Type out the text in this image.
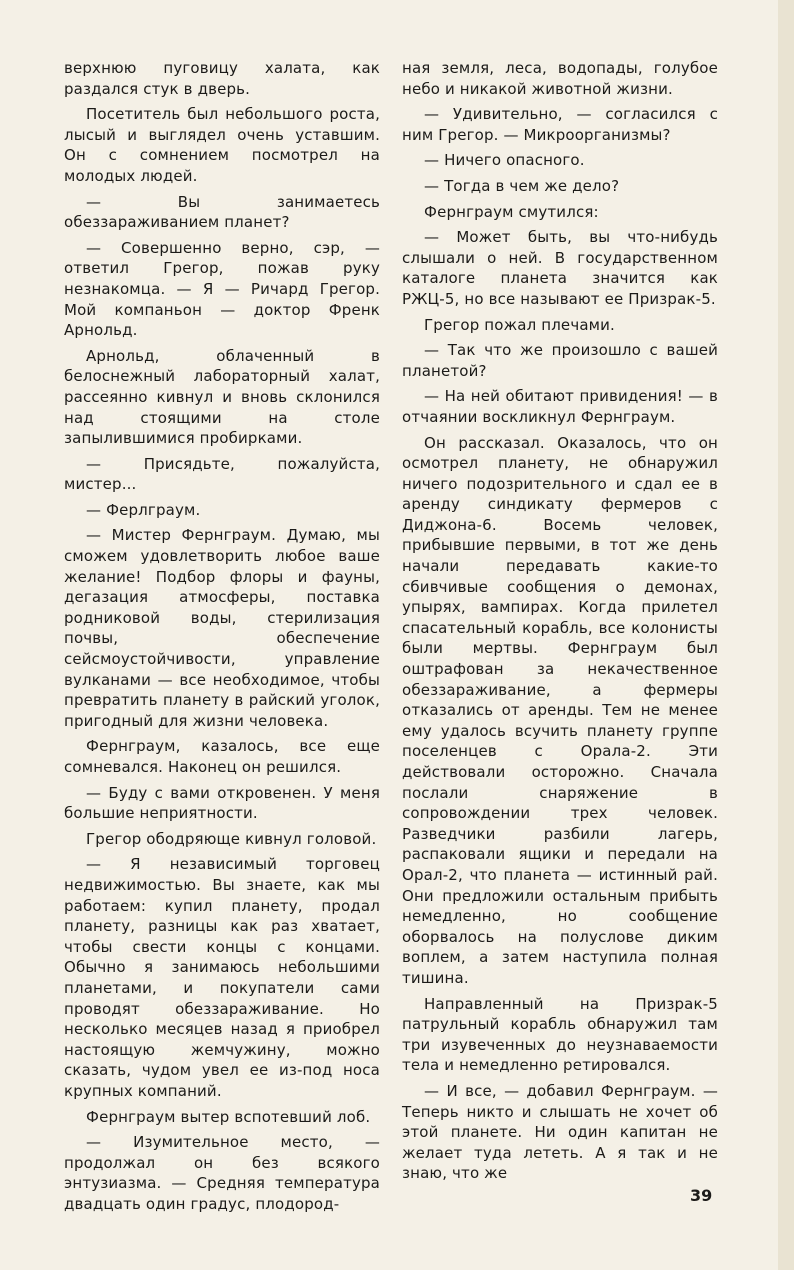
верхнюю пуговицу халата, как раздался стук в дверь.

Посетитель был небольшого роста, лысый и выглядел очень уставшим. Он с сомнением посмотрел на молодых людей.

— Вы занимаетесь обеззараживанием планет?

— Совершенно верно, сэр, — ответил Грегор, пожав руку незнакомца. — Я — Ричард Грегор. Мой компаньон — доктор Френк Арнольд.

Арнольд, облаченный в белоснежный лабораторный халат, рассеянно кивнул и вновь склонился над стоящими на столе запылившимися пробирками.

— Присядьте, пожалуйста, мистер...

— Ферлграум.

— Мистер Фернграум. Думаю, мы сможем удовлетворить любое ваше желание! Подбор флоры и фауны, дегазация атмосферы, поставка родниковой воды, стерилизация почвы, обеспечение сейсмоустойчивости, управление вулканами — все необходимое, чтобы превратить планету в райский уголок, пригодный для жизни человека.

Фернграум, казалось, все еще сомневался. Наконец он решился.

— Буду с вами откровенен. У меня большие неприятности.

Грегор ободряюще кивнул головой.

— Я независимый торговец недвижимостью. Вы знаете, как мы работаем: купил планету, продал планету, разницы как раз хватает, чтобы свести концы с концами. Обычно я занимаюсь небольшими планетами, и покупатели сами проводят обеззараживание. Но несколько месяцев назад я приобрел настоящую жемчужину, можно сказать, чудом увел ее из-под носа крупных компаний.

Фернграум вытер вспотевший лоб.

— Изумительное место, — продолжал он без всякого энтузиазма. — Средняя температура двадцать один градус, плодород-

ная земля, леса, водопады, голубое небо и никакой животной жизни.

— Удивительно, — согласился с ним Грегор. — Микроорганизмы?

— Ничего опасного.

— Тогда в чем же дело?

Фернграум смутился:

— Может быть, вы что-нибудь слышали о ней. В государственном каталоге планета значится как РЖЦ-5, но все называют ее Призрак-5.

Грегор пожал плечами.

— Так что же произошло с вашей планетой?

— На ней обитают привидения! — в отчаянии воскликнул Фернграум.

Он рассказал. Оказалось, что он осмотрел планету, не обнаружил ничего подозрительного и сдал ее в аренду синдикату фермеров с Диджона-6. Восемь человек, прибывшие первыми, в тот же день начали передавать какие-то сбивчивые сообщения о демонах, упырях, вампирах. Когда прилетел спасательный корабль, все колонисты были мертвы. Фернграум был оштрафован за некачественное обеззараживание, а фермеры отказались от аренды. Тем не менее ему удалось всучить планету группе поселенцев с Орала-2. Эти действовали осторожно. Сначала послали снаряжение в сопровождении трех человек. Разведчики разбили лагерь, распаковали ящики и передали на Орал-2, что планета — истинный рай. Они предложили остальным прибыть немедленно, но сообщение оборвалось на полуслове диким воплем, а затем наступила полная тишина.

Направленный на Призрак-5 патрульный корабль обнаружил там три изувеченных до неузнаваемости тела и немедленно ретировался.

— И все, — добавил Фернграум. — Теперь никто и слышать не хочет об этой планете. Ни один капитан не желает туда лететь. А я так и не знаю, что же

39
